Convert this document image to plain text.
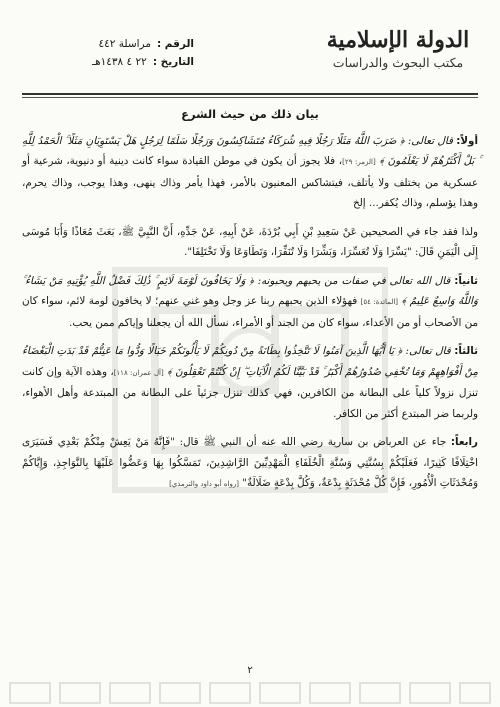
الدولة الإسلامية
مكتب البحوث والدراسات
الرقم :
مراسلة ٤٤٢
التاريخ :
٢٢ ٤ ١٤٣٨هـ
بيان ذلك من حيث الشرع

أولاً: قال تعالى: ﴿ ضَرَبَ اللَّهُ مَثَلًا رَجُلًا فِيهِ شُرَكَاءُ مُتَشَاكِسُونَ وَرَجُلًا سَلَمًا لِرَجُلٍ هَلْ يَسْتَوِيَانِ مَثَلًا ۚ الْحَمْدُ لِلَّهِ ۚ بَلْ أَكْثَرُهُمْ لَا يَعْلَمُونَ ﴾ [الزمر: ٢٩]، فلا يجوز أن يكون في موطن القيادة سواء كانت دينية أو دنيوية، شرعية أو عسكرية من يختلف ولا يأتلف، فيتشاكس المعنيون بالأمر، فهذا يأمر وذاك ينهى، وهذا يوجب، وذاك يحرم، وهذا يؤسلم، وذاك يُكفر... إلخ

ولذا فقد جاء في الصحيحين عَنْ سَعِيدِ بْنِ أَبِي بُرْدَةَ، عَنْ أَبِيهِ، عَنْ جَدِّهِ، أَنَّ النَّبِيَّ ﷺ، بَعَثَ مُعَاذًا وَأَبَا مُوسَى إِلَى الْيَمَنِ قَالَ: "يَسِّرَا وَلَا تُعَسِّرَا، وَبَشِّرَا وَلَا تُنَفِّرَا، وَتَطَاوَعَا وَلَا تَخْتَلِفَا".

ثانياً: قال الله تعالى في صفات من يحبهم ويحبونه: ﴿ وَلَا يَخَافُونَ لَوْمَةَ لَائِمٍ ۚ ذَٰلِكَ فَضْلُ اللَّهِ يُؤْتِيهِ مَنْ يَشَاءُ ۚ وَاللَّهُ وَاسِعٌ عَلِيمٌ ﴾ [المائدة: ٥٤] فهؤلاء الذين يحبهم ربنا عز وجل وهو غني عنهم؛ لا يخافون لومة لائم، سواء كان من الأصحاب أو من الأعداء، سواء كان من الجند أو الأمراء، نسأل الله أن يجعلنا وإياكم ممن يحب.

ثالثاً: قال تعالى: ﴿ يَا أَيُّهَا الَّذِينَ آمَنُوا لَا تَتَّخِذُوا بِطَانَةً مِنْ دُونِكُمْ لَا يَأْلُونَكُمْ خَبَالًا وَدُّوا مَا عَنِتُّمْ قَدْ بَدَتِ الْبَغْضَاءُ مِنْ أَفْوَاهِهِمْ وَمَا تُخْفِي صُدُورُهُمْ أَكْبَرُ ۚ قَدْ بَيَّنَّا لَكُمُ الْآيَاتِ ۖ إِنْ كُنْتُمْ تَعْقِلُونَ ﴾ [آل عمران: ١١٨]، وهذه الآية وإن كانت تنزل نزولاً كلياً على البطانة من الكافرين، فهي كذلك تنزل جزئياً على البطانة من المبتدعة وأهل الأهواء، ولربما ضر المبتدع أكثر من الكافر.

رابعاً: جاء عن العرباض بن سارية رضي الله عنه أن النبي ﷺ قال: "فَإِنَّهُ مَنْ يَعِشْ مِنْكُمْ بَعْدِي فَسَيَرَى اخْتِلَافًا كَثِيرًا، فَعَلَيْكُمْ بِسُنَّتِي وَسُنَّةِ الْخُلَفَاءِ الْمَهْدِيِّينَ الرَّاشِدِينَ، تَمَسَّكُوا بِهَا وَعَضُّوا عَلَيْهَا بِالنَّوَاجِذِ، وَإِيَّاكُمْ وَمُحْدَثَاتِ الْأُمُورِ، فَإِنَّ كُلَّ مُحْدَثَةٍ بِدْعَةٌ، وَكُلَّ بِدْعَةٍ ضَلَالَةٌ" [رواه أبو داود والترمذي]

٢
